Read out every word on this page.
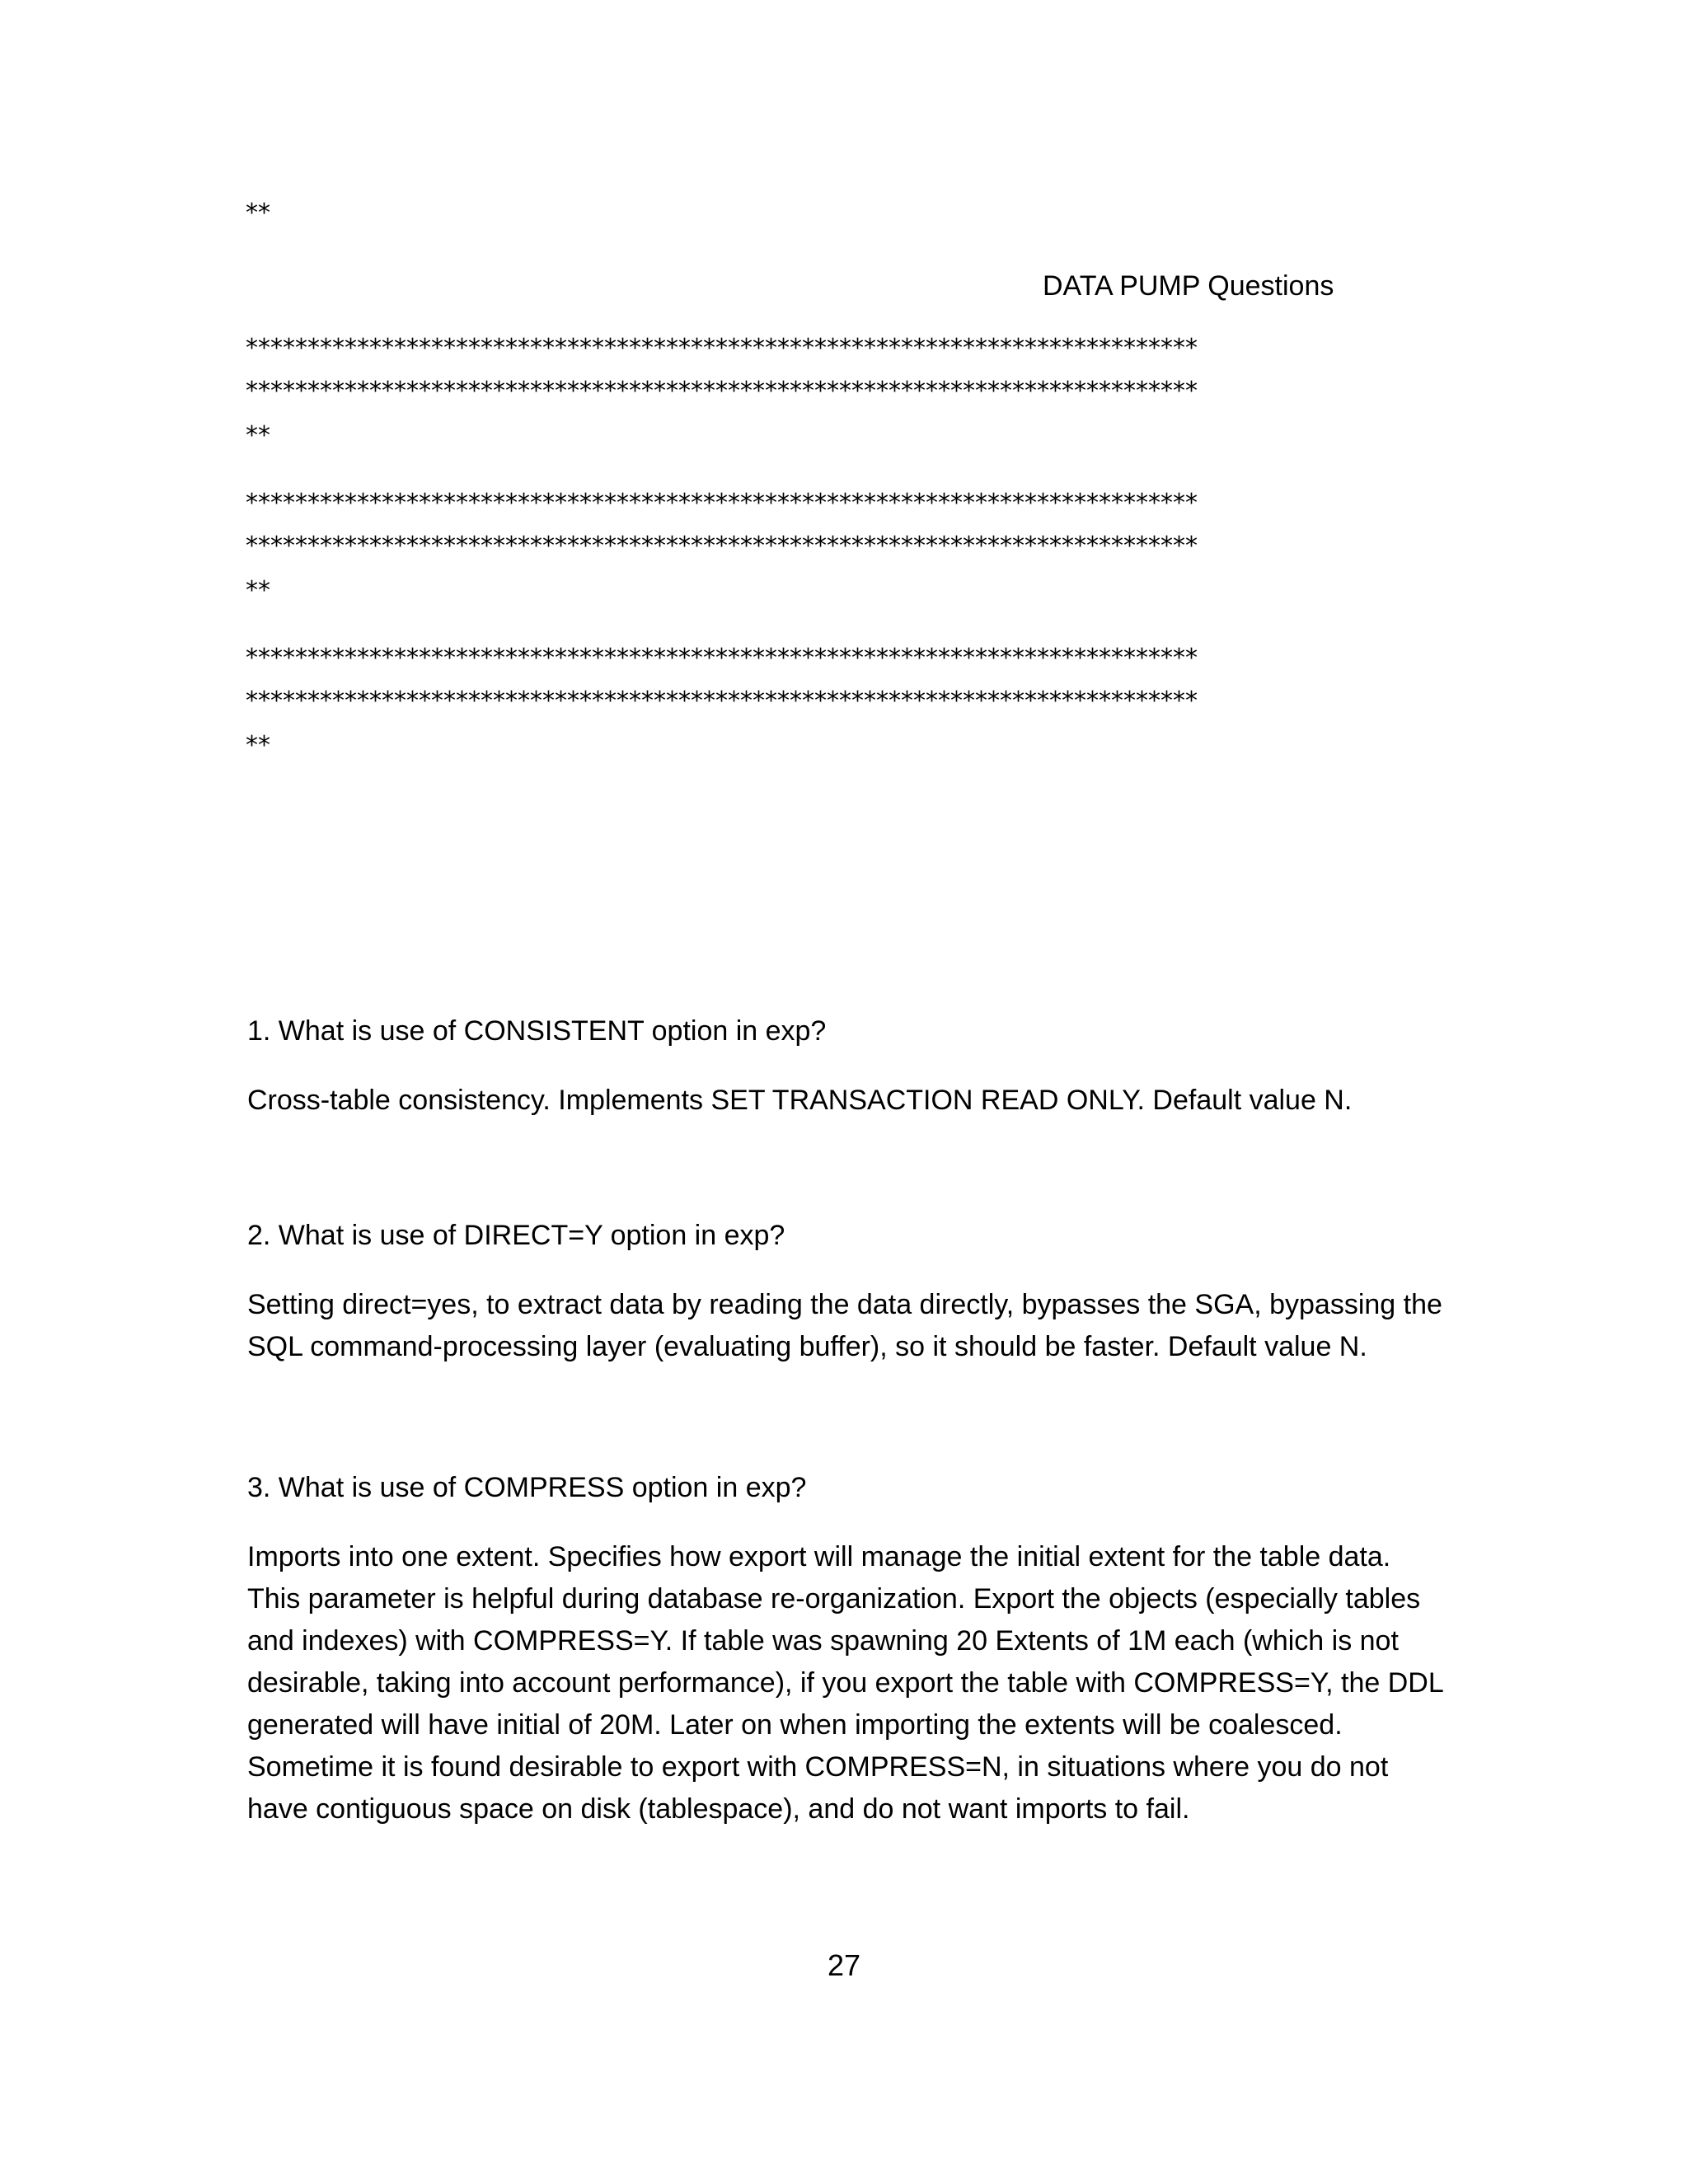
**
DATA PUMP Questions
*****************************************************************************
*****************************************************************************
**
*****************************************************************************
*****************************************************************************
**
*****************************************************************************
*****************************************************************************
**
1. What is use of CONSISTENT option in exp?
Cross-table consistency. Implements SET TRANSACTION READ ONLY. Default value N.
2. What is use of DIRECT=Y option in exp?
Setting direct=yes, to extract data by reading the data directly, bypasses the SGA, bypassing the
SQL command-processing layer (evaluating buffer), so it should be faster. Default value N.
3. What is use of COMPRESS option in exp?
Imports into one extent. Specifies how export will manage the initial extent for the table data.
This parameter is helpful during database re-organization. Export the objects (especially tables
and indexes) with COMPRESS=Y. If table was spawning 20 Extents of 1M each (which is not
desirable, taking into account performance), if you export the table with COMPRESS=Y, the DDL
generated will have initial of 20M. Later on when importing the extents will be coalesced.
Sometime it is found desirable to export with COMPRESS=N, in situations where you do not
have contiguous space on disk (tablespace), and do not want imports to fail.
27
